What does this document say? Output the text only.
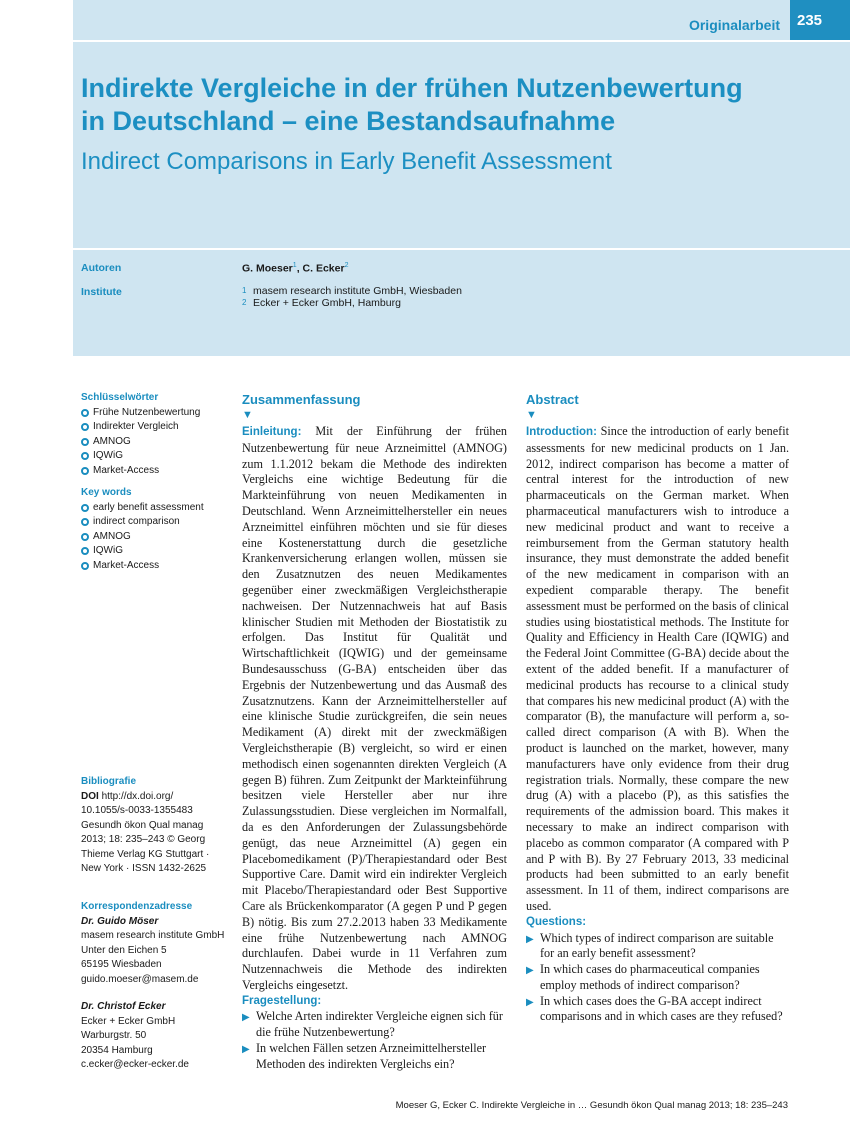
Originalarbeit	235
Indirekte Vergleiche in der frühen Nutzenbewertung
in Deutschland – eine Bestandsaufnahme
Indirect Comparisons in Early Benefit Assessment
Autoren	G. Moeser$^1$, C. Ecker$^2$
Institute	1 masem research institute GmbH, Wiesbaden
2 Ecker + Ecker GmbH, Hamburg
Schlüsselwörter
Frühe Nutzenbewertung
Indirekter Vergleich
AMNOG
IQWiG
Market-Access
Key words
early benefit assessment
indirect comparison
AMNOG
IQWiG
Market-Access
Bibliografie
DOI http://dx.doi.org/
10.1055/s-0033-1355483
Gesundh ökon Qual manag
2013; 18: 235–243 © Georg
Thieme Verlag KG Stuttgart ·
New York · ISSN 1432-2625
Korrespondenzadresse
Dr. Guido Möser
masem research institute GmbH
Unter den Eichen 5
65195 Wiesbaden
guido.moeser@masem.de
Dr. Christof Ecker
Ecker + Ecker GmbH
Warburgstr. 50
20354 Hamburg
c.ecker@ecker-ecker.de
Zusammenfassung
▼

Einleitung: Mit der Einführung der frühen Nutzenbewertung für neue Arzneimittel (AMNOG) zum 1.1.2012 bekam die Methode des indirekten Vergleichs eine wichtige Bedeutung für die Markteinführung von neuen Medikamenten in Deutschland. Wenn Arzneimittelhersteller ein neues Arzneimittel einführen möchten und sie für dieses eine Kostenerstattung durch die gesetzliche Krankenversicherung erlangen wollen, müssen sie den Zusatznutzen des neuen Medikamentes gegenüber einer zweckmäßigen Vergleichstherapie nachweisen. Der Nutzennachweis hat auf Basis klinischer Studien mit Methoden der Biostatistik zu erfolgen. Das Institut für Qualität und Wirtschaftlichkeit (IQWIG) und der gemeinsame Bundesausschuss (G-BA) entscheiden über das Ergebnis der Nutzenbewertung und das Ausmaß des Zusatznutzens. Kann der Arzneimittelhersteller auf eine klinische Studie zurückgreifen, die sein neues Medikament (A) direkt mit der zweckmäßigen Vergleichstherapie (B) vergleicht, so wird er einen methodisch einen sogenannten direkten Vergleich (A gegen B) führen. Zum Zeitpunkt der Markteinführung besitzen viele Hersteller aber nur ihre Zulassungsstudien. Diese vergleichen im Normalfall, da es den Anforderungen der Zulassungsbehörde genügt, das neue Arzneimittel (A) gegen ein Placebomedikament (P)/Therapiestandard oder Best Supportive Care. Damit wird ein indirekter Vergleich mit Placebo/Therapiestandard oder Best Supportive Care als Brückenkomparator (A gegen P und P gegen B) nötig. Bis zum 27.2.2013 haben 33 Medikamente eine frühe Nutzenbewertung nach AMNOG durchlaufen. Dabei wurde in 11 Verfahren zum Nutzennachweis die Methode des indirekten Vergleichs eingesetzt.

Fragestellung:
▶ Welche Arten indirekter Vergleiche eignen sich für die frühe Nutzenbewertung?
▶ In welchen Fällen setzen Arzneimittelhersteller Methoden des indirekten Vergleichs ein?
Abstract
▼

Introduction: Since the introduction of early benefit assessments for new medicinal products on 1 Jan. 2012, indirect comparison has become a matter of central interest for the introduction of new pharmaceuticals on the German market. When pharmaceutical manufacturers wish to introduce a new medicinal product and want to receive a reimbursement from the German statutory health insurance, they must demonstrate the added benefit of the new medicament in comparison with an expedient comparable therapy. The benefit assessment must be performed on the basis of clinical studies using biostatistical methods. The Institute for Quality and Efficiency in Health Care (IQWIG) and the Federal Joint Committee (G-BA) decide about the extent of the added benefit. If a manufacturer of medicinal products has recourse to a clinical study that compares his new medicinal product (A) with the comparator (B), the manufacture will perform a, so-called direct comparison (A with B). When the product is launched on the market, however, many manufacturers have only evidence from their drug registration trials. Normally, these compare the new drug (A) with a placebo (P), as this satisfies the requirements of the admission board. This makes it necessary to make an indirect comparison with placebo as common comparator (A compared with P and P with B). By 27 February 2013, 33 medicinal products had been submitted to an early benefit assessment. In 11 of them, indirect comparisons are used.

Questions:
▶ Which types of indirect comparison are suitable for an early benefit assessment?
▶ In which cases do pharmaceutical companies employ methods of indirect comparison?
▶ In which cases does the G-BA accept indirect comparisons and in which cases are they refused?
Moeser G, Ecker C. Indirekte Vergleiche in … Gesundh ökon Qual manag 2013; 18: 235–243
